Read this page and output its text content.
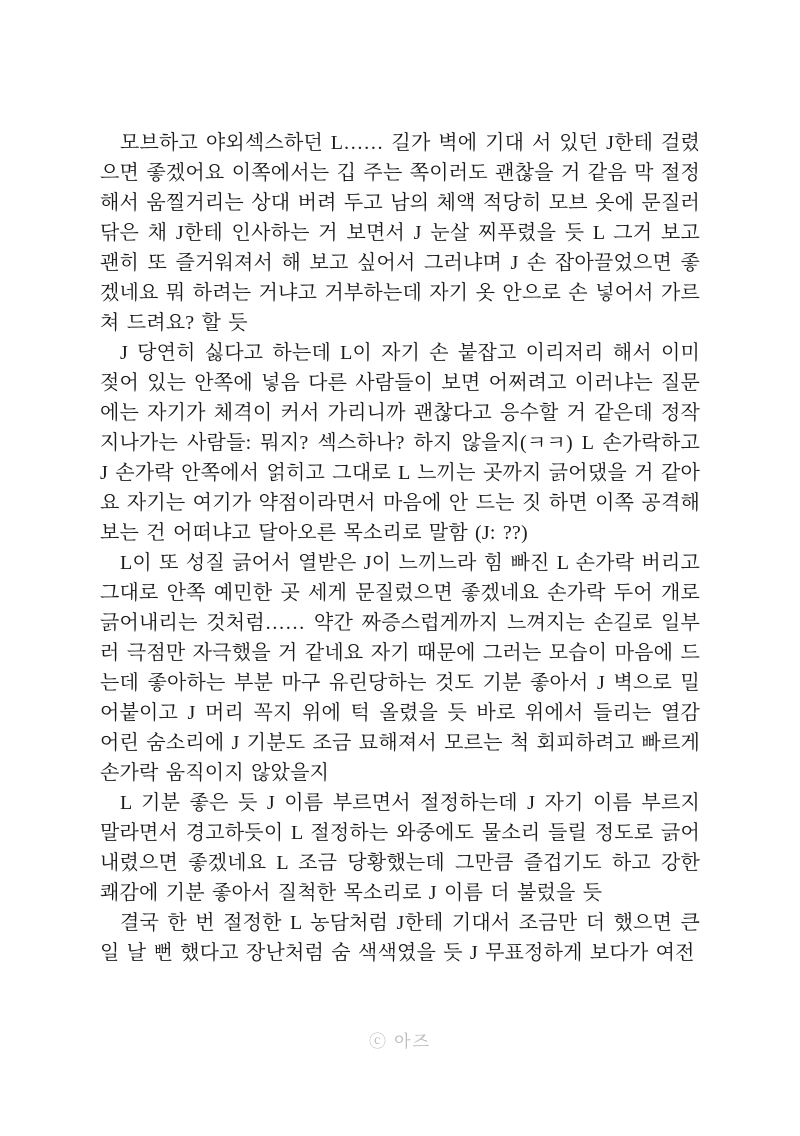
모브하고 야외섹스하던 L…… 길가 벽에 기대 서 있던 J한테 걸렸으면 좋겠어요 이쪽에서는 깁 주는 쪽이러도 괜찮을 거 같음 막 절정해서 움찔거리는 상대 버려 두고 남의 체액 적당히 모브 옷에 문질러 닦은 채 J한테 인사하는 거 보면서 J 눈살 찌푸렸을 듯 L 그거 보고 괜히 또 즐거워져서 해 보고 싶어서 그러냐며 J 손 잡아끌었으면 좋겠네요 뭐 하려는 거냐고 거부하는데 자기 옷 안으로 손 넣어서 가르쳐 드려요? 할 듯

J 당연히 싫다고 하는데 L이 자기 손 붙잡고 이리저리 해서 이미 젖어 있는 안쪽에 넣음 다른 사람들이 보면 어쩌려고 이러냐는 질문에는 자기가 체격이 커서 가리니까 괜찮다고 응수할 거 같은데 정작 지나가는 사람들: 뭐지? 섹스하나? 하지 않을지(ㅋㅋ) L 손가락하고 J 손가락 안쪽에서 얽히고 그대로 L 느끼는 곳까지 긁어댔을 거 같아요 자기는 여기가 약점이라면서 마음에 안 드는 짓 하면 이쪽 공격해 보는 건 어떠냐고 달아오른 목소리로 말함 (J: ??)

L이 또 성질 긁어서 열받은 J이 느끼느라 힘 빠진 L 손가락 버리고 그대로 안쪽 예민한 곳 세게 문질렀으면 좋겠네요 손가락 두어 개로 긁어내리는 것처럼…… 약간 짜증스럽게까지 느껴지는 손길로 일부러 극점만 자극했을 거 같네요 자기 때문에 그러는 모습이 마음에 드는데 좋아하는 부분 마구 유린당하는 것도 기분 좋아서 J 벽으로 밀어붙이고 J 머리 꼭지 위에 턱 올렸을 듯 바로 위에서 들리는 열감 어린 숨소리에 J 기분도 조금 묘해져서 모르는 척 회피하려고 빠르게 손가락 움직이지 않았을지

L 기분 좋은 듯 J 이름 부르면서 절정하는데 J 자기 이름 부르지 말라면서 경고하듯이 L 절정하는 와중에도 물소리 들릴 정도로 긁어내렸으면 좋겠네요 L 조금 당황했는데 그만큼 즐겁기도 하고 강한 쾌감에 기분 좋아서 질척한 목소리로 J 이름 더 불렀을 듯

결국 한 번 절정한 L 농담처럼 J한테 기대서 조금만 더 했으면 큰일 날 뻔 했다고 장난처럼 숨 색색였을 듯 J 무표정하게 보다가 여전

ⓒ 아즈
